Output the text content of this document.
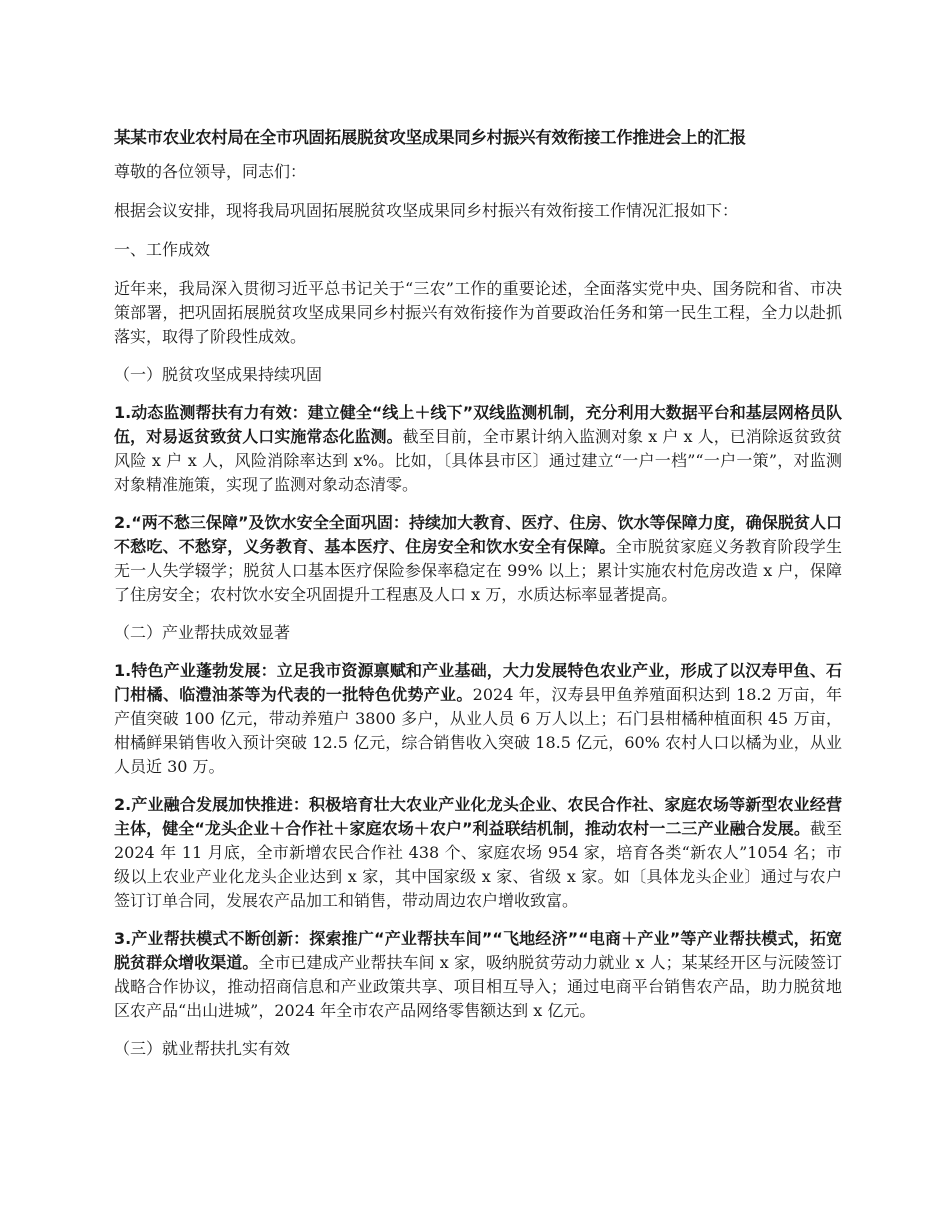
某某市农业农村局在全市巩固拓展脱贫攻坚成果同乡村振兴有效衔接工作推进会上的汇报

尊敬的各位领导，同志们：

根据会议安排，现将我局巩固拓展脱贫攻坚成果同乡村振兴有效衔接工作情况汇报如下：

一、工作成效

近年来，我局深入贯彻习近平总书记关于“三农”工作的重要论述，全面落实党中央、国务院和省、市决策部署，把巩固拓展脱贫攻坚成果同乡村振兴有效衔接作为首要政治任务和第一民生工程，全力以赴抓落实，取得了阶段性成效。

（一）脱贫攻坚成果持续巩固

1.动态监测帮扶有力有效：建立健全“线上＋线下”双线监测机制，充分利用大数据平台和基层网格员队伍，对易返贫致贫人口实施常态化监测。截至目前，全市累计纳入监测对象 x 户 x 人，已消除返贫致贫风险 x 户 x 人，风险消除率达到 x%。比如，〔具体县市区〕通过建立“一户一档”“一户一策”，对监测对象精准施策，实现了监测对象动态清零。

2.“两不愁三保障”及饮水安全全面巩固：持续加大教育、医疗、住房、饮水等保障力度，确保脱贫人口不愁吃、不愁穿，义务教育、基本医疗、住房安全和饮水安全有保障。全市脱贫家庭义务教育阶段学生无一人失学辍学；脱贫人口基本医疗保险参保率稳定在 99% 以上；累计实施农村危房改造 x 户，保障了住房安全；农村饮水安全巩固提升工程惠及人口 x 万，水质达标率显著提高。

（二）产业帮扶成效显著

1.特色产业蓬勃发展：立足我市资源禀赋和产业基础，大力发展特色农业产业，形成了以汉寿甲鱼、石门柑橘、临澧油茶等为代表的一批特色优势产业。2024 年，汉寿县甲鱼养殖面积达到 18.2 万亩，年产值突破 100 亿元，带动养殖户 3800 多户，从业人员 6 万人以上；石门县柑橘种植面积 45 万亩，柑橘鲜果销售收入预计突破 12.5 亿元，综合销售收入突破 18.5 亿元，60% 农村人口以橘为业，从业人员近 30 万。

2.产业融合发展加快推进：积极培育壮大农业产业化龙头企业、农民合作社、家庭农场等新型农业经营主体，健全“龙头企业＋合作社＋家庭农场＋农户”利益联结机制，推动农村一二三产业融合发展。截至 2024 年 11 月底，全市新增农民合作社 438 个、家庭农场 954 家，培育各类“新农人”1054 名；市级以上农业产业化龙头企业达到 x 家，其中国家级 x 家、省级 x 家。如〔具体龙头企业〕通过与农户签订订单合同，发展农产品加工和销售，带动周边农户增收致富。

3.产业帮扶模式不断创新：探索推广“产业帮扶车间”“飞地经济”“电商＋产业”等产业帮扶模式，拓宽脱贫群众增收渠道。全市已建成产业帮扶车间 x 家，吸纳脱贫劳动力就业 x 人；某某经开区与沅陵签订战略合作协议，推动招商信息和产业政策共享、项目相互导入；通过电商平台销售农产品，助力脱贫地区农产品“出山进城”，2024 年全市农产品网络零售额达到 x 亿元。

（三）就业帮扶扎实有效
